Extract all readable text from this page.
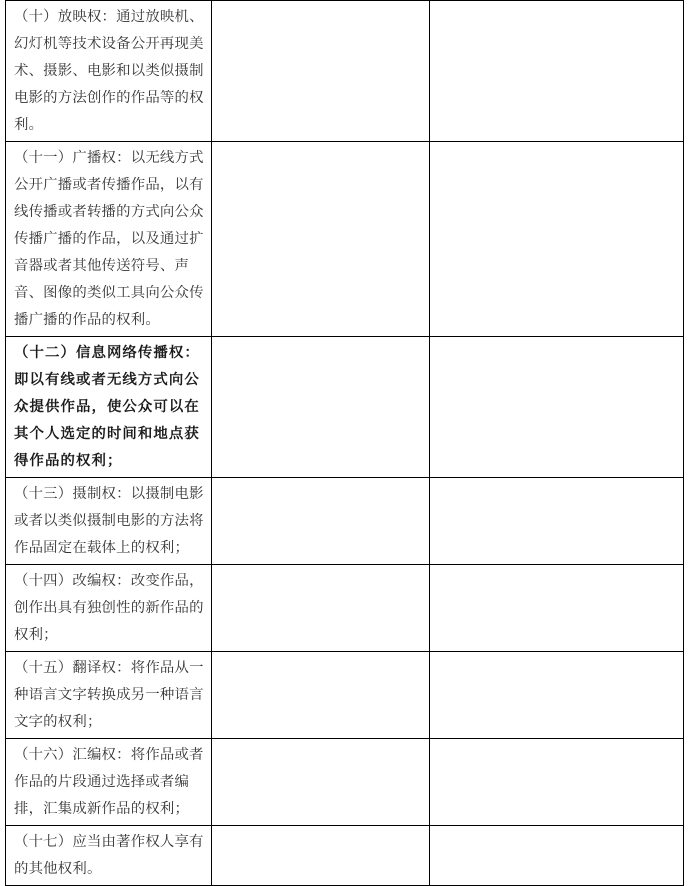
（十）放映权：通过放映机、幻灯机等技术设备公开再现美术、摄影、电影和以类似摄制电影的方法创作的作品等的权利。		
（十一）广播权：以无线方式公开广播或者传播作品，以有线传播或者转播的方式向公众传播广播的作品，以及通过扩音器或者其他传送符号、声音、图像的类似工具向公众传播广播的作品的权利。		
（十二）信息网络传播权：即以有线或者无线方式向公众提供作品，使公众可以在其个人选定的时间和地点获得作品的权利；		
（十三）摄制权：以摄制电影或者以类似摄制电影的方法将作品固定在载体上的权利；		
（十四）改编权：改变作品，创作出具有独创性的新作品的权利；		
（十五）翻译权：将作品从一种语言文字转换成另一种语言文字的权利；		
（十六）汇编权：将作品或者作品的片段通过选择或者编排，汇集成新作品的权利；		
（十七）应当由著作权人享有的其他权利。		
